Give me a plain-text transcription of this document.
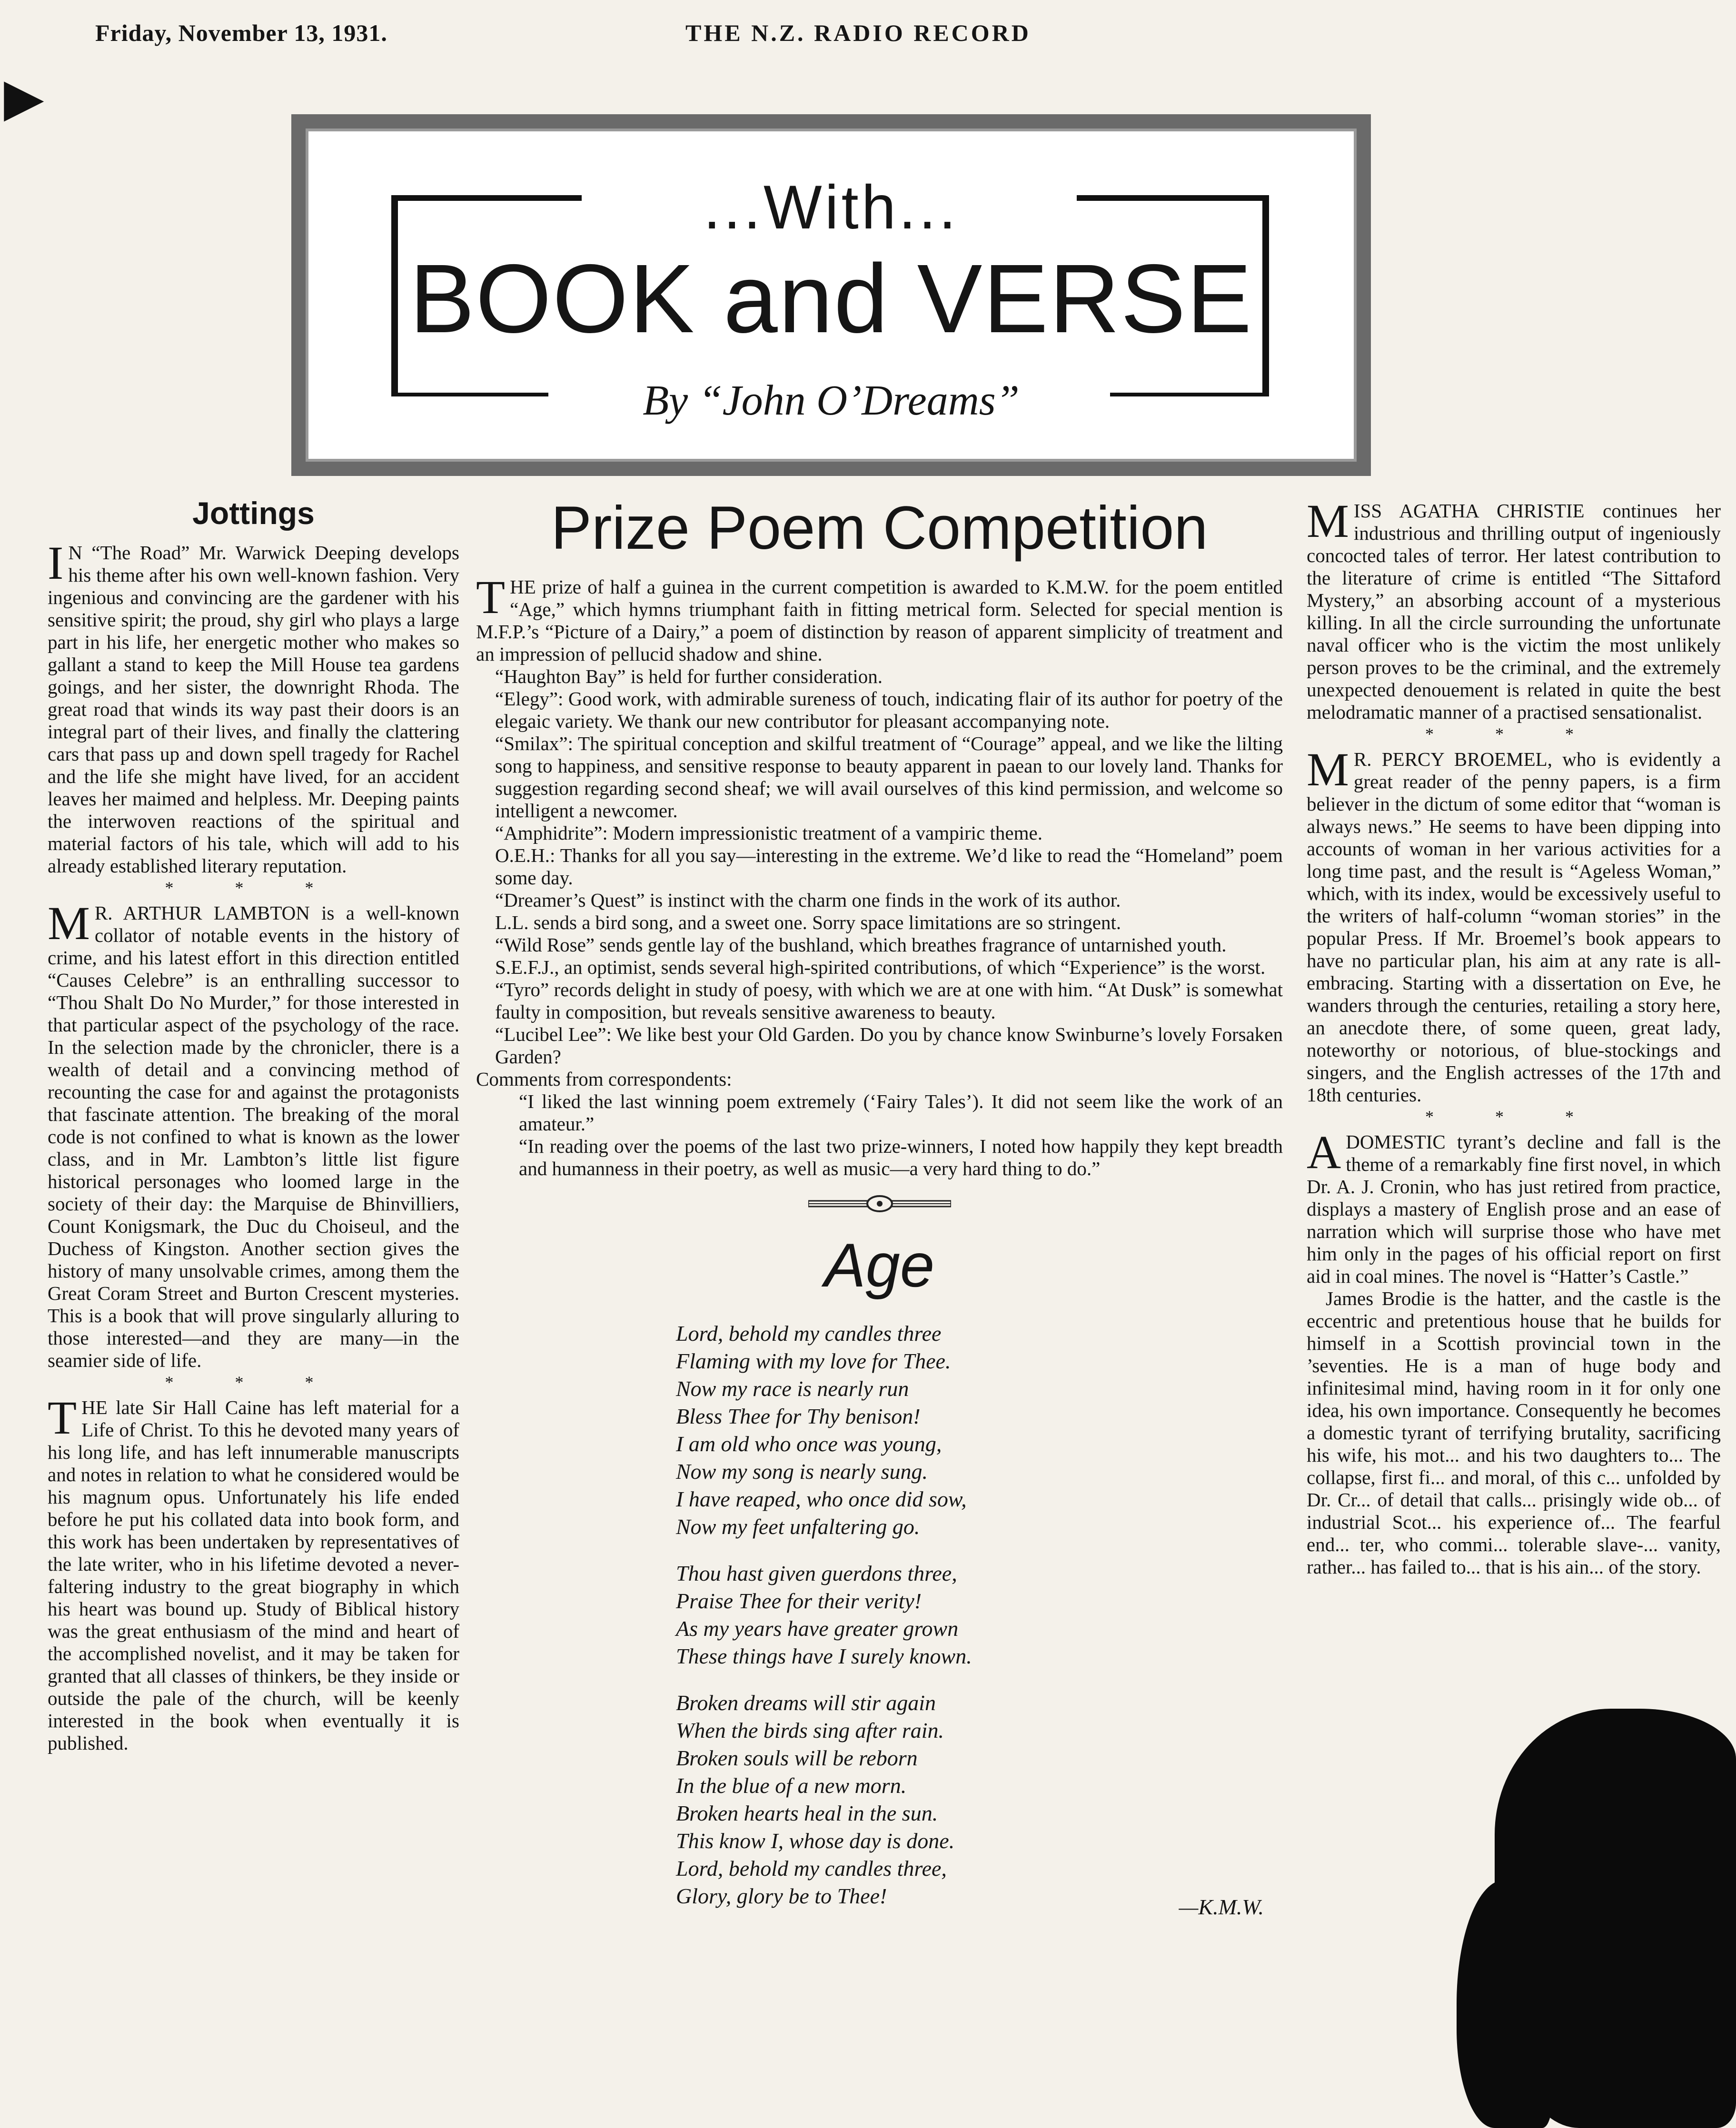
Friday, November 13, 1931.	THE N.Z. RADIO RECORD
▶
...With...
BOOK and VERSE
By “John O’Dreams”
Jottings

I N “The Road” Mr. Warwick Deeping develops his theme after his own well-known fashion. Very ingenious and convincing are the gardener with his sensitive spirit; the proud, shy girl who plays a large part in his life, her energetic mother who makes so gallant a stand to keep the Mill House tea gardens goings, and her sister, the downright Rhoda. The great road that winds its way past their doors is an integral part of their lives, and finally the clattering cars that pass up and down spell tragedy for Rachel and the life she might have lived, for an accident leaves her maimed and helpless. Mr. Deeping paints the interwoven reactions of the spiritual and material factors of his tale, which will add to his already established literary reputation.

* * *

M R. ARTHUR LAMBTON is a well-known collator of notable events in the history of crime, and his latest effort in this direction entitled “Causes Celebre” is an enthralling successor to “Thou Shalt Do No Murder,” for those interested in that particular aspect of the psychology of the race. In the selection made by the chronicler, there is a wealth of detail and a convincing method of recounting the case for and against the protagonists that fascinate attention. The breaking of the moral code is not confined to what is known as the lower class, and in Mr. Lambton’s little list figure historical personages who loomed large in the society of their day: the Marquise de Bhinvilliers, Count Konigsmark, the Duc du Choiseul, and the Duchess of Kingston. Another section gives the history of many unsolvable crimes, among them the Great Coram Street and Burton Crescent mysteries. This is a book that will prove singularly alluring to those interested—and they are many—in the seamier side of life.

* * *

THE late Sir Hall Caine has left material for a Life of Christ. To this he devoted many years of his long life, and has left innumerable manuscripts and notes in relation to what he considered would be his magnum opus. Unfortunately his life ended before he put his collated data into book form, and this work has been undertaken by representatives of the late writer, who in his lifetime devoted a never-faltering industry to the great biography in which his heart was bound up. Study of Biblical history was the great enthusiasm of the mind and heart of the accomplished novelist, and it may be taken for granted that all classes of thinkers, be they inside or outside the pale of the church, will be keenly interested in the book when eventually it is published.

Prize Poem Competition

THE prize of half a guinea in the current competition is awarded to K.M.W. for the poem entitled “Age,” which hymns triumphant faith in fitting metrical form. Selected for special mention is M.F.P.’s “Picture of a Dairy,” a poem of distinction by reason of apparent simplicity of treatment and an impression of pellucid shadow and shine.

“Haughton Bay” is held for further consideration.

“Elegy”: Good work, with admirable sureness of touch, indicating flair of its author for poetry of the elegaic variety. We thank our new contributor for pleasant accompanying note.

“Smilax”: The spiritual conception and skilful treatment of “Courage” appeal, and we like the lilting song to happiness, and sensitive response to beauty apparent in paean to our lovely land. Thanks for suggestion regarding second sheaf; we will avail ourselves of this kind permission, and welcome so intelligent a newcomer.

“Amphidrite”: Modern impressionistic treatment of a vampiric theme.

O.E.H.: Thanks for all you say—interesting in the extreme. We’d like to read the “Homeland” poem some day.

“Dreamer’s Quest” is instinct with the charm one finds in the work of its author.

L.L. sends a bird song, and a sweet one. Sorry space limitations are so stringent.

“Wild Rose” sends gentle lay of the bushland, which breathes fragrance of untarnished youth.

S.E.F.J., an optimist, sends several high-spirited contributions, of which “Experience” is the worst.

“Tyro” records delight in study of poesy, with which we are at one with him. “At Dusk” is somewhat faulty in composition, but reveals sensitive awareness to beauty.

“Lucibel Lee”: We like best your Old Garden. Do you by chance know Swinburne’s lovely Forsaken Garden?

Comments from correspondents:

“I liked the last winning poem extremely (‘Fairy Tales’). It did not seem like the work of an amateur.”

“In reading over the poems of the last two prize-winners, I noted how happily they kept breadth and humanness in their poetry, as well as music—a very hard thing to do.”

Age
Lord, behold my candles three
Flaming with my love for Thee.
Now my race is nearly run
Bless Thee for Thy benison!
I am old who once was young,
Now my song is nearly sung.
I have reaped, who once did sow,
Now my feet unfaltering go.
Thou hast given guerdons three,
Praise Thee for their verity!
As my years have greater grown
These things have I surely known.
Broken dreams will stir again
When the birds sing after rain.
Broken souls will be reborn
In the blue of a new morn.
Broken hearts heal in the sun.
This know I, whose day is done.
Lord, behold my candles three,
Glory, glory be to Thee!	—K.M.W.

MISS AGATHA CHRISTIE continues her industrious and thrilling output of ingeniously concocted tales of terror. Her latest contribution to the literature of crime is entitled “The Sittaford Mystery,” an absorbing account of a mysterious killing. In all the circle surrounding the unfortunate naval officer who is the victim the most unlikely person proves to be the criminal, and the extremely unexpected denouement is related in quite the best melodramatic manner of a practised sensationalist.

* * *

M R. PERCY BROEMEL, who is evidently a great reader of the penny papers, is a firm believer in the dictum of some editor that “woman is always news.” He seems to have been dipping into accounts of woman in her various activities for a long time past, and the result is “Ageless Woman,” which, with its index, would be excessively useful to the writers of half-column “woman stories” in the popular Press. If Mr. Broemel’s book appears to have no particular plan, his aim at any rate is all-embracing. Starting with a dissertation on Eve, he wanders through the centuries, retailing a story here, an anecdote there, of some queen, great lady, noteworthy or notorious, of blue-stockings and singers, and the English actresses of the 17th and 18th centuries.

* * *

A DOMESTIC tyrant’s decline and fall is the theme of a remarkably fine first novel, in which Dr. A. J. Cronin, who has just retired from practice, displays a mastery of English prose and an ease of narration which will surprise those who have met him only in the pages of his official report on first aid in coal mines. The novel is “Hatter’s Castle.”

James Brodie is the hatter, and the castle is the eccentric and pretentious house that he builds for himself in a Scottish provincial town in the ’seventies. He is a man of huge body and infinitesimal mind, having room in it for only one idea, his own importance. Consequently he becomes a domestic tyrant of terrifying brutality, sacrificing his wife, his mot... and his two daughters to... The collapse, first fi... and moral, of this c... unfolded by Dr. Cr... of detail that calls... prisingly wide ob... of industrial Scot... his experience of... The fearful end... ter, who commi... tolerable slave-... vanity, rather... has failed to... that is his ain... of the story.
